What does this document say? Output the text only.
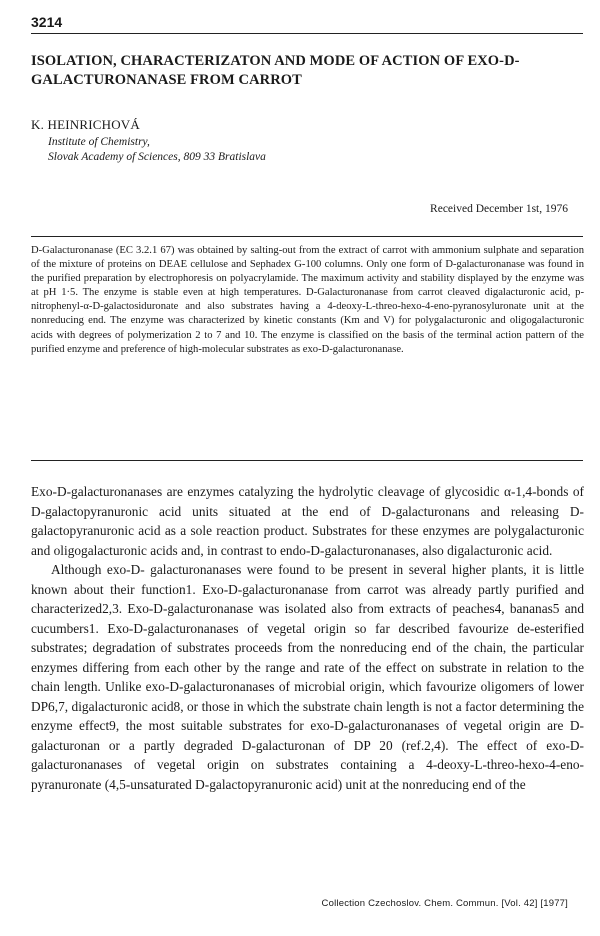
3214
ISOLATION, CHARACTERIZATON AND MODE OF ACTION OF EXO-D-GALACTURONANASE FROM CARROT
K. HEINRICHOVÁ
Institute of Chemistry,
Slovak Academy of Sciences, 809 33 Bratislava
Received December 1st, 1976

D-Galacturonanase (EC 3.2.1 67) was obtained by salting-out from the extract of carrot with ammonium sulphate and separation of the mixture of proteins on DEAE cellulose and Sephadex G-100 columns. Only one form of D-galacturonanase was found in the purified preparation by electrophoresis on polyacrylamide. The maximum activity and stability displayed by the enzyme was at pH 1·5. The enzyme is stable even at high temperatures. D-Galacturonanase from carrot cleaved digalacturonic acid, p-nitrophenyl-α-D-galactosiduronate and also substrates having a 4-deoxy-L-threo-hexo-4-eno-pyranosyluronate unit at the nonreducing end. The enzyme was characterized by kinetic constants (Km and V) for polygalacturonic and oligogalacturonic acids with degrees of polymerization 2 to 7 and 10. The enzyme is classified on the basis of the terminal action pattern of the purified enzyme and preference of high-molecular substrates as exo-D-galacturonanase.

Exo-D-galacturonanases are enzymes catalyzing the hydrolytic cleavage of glycosidic α-1,4-bonds of D-galactopyranuronic acid units situated at the end of D-galacturonans and releasing D-galactopyranuronic acid as a sole reaction product. Substrates for these enzymes are polygalacturonic and oligogalacturonic acids and, in contrast to endo-D-galacturonanases, also digalacturonic acid.

Although exo-D- galacturonanases were found to be present in several higher plants, it is little known about their function1. Exo-D-galacturonanase from carrot was already partly purified and characterized2,3. Exo-D-galacturonanase was isolated also from extracts of peaches4, bananas5 and cucumbers1. Exo-D-galacturonanases of vegetal origin so far described favourize de-esterified substrates; degradation of substrates proceeds from the nonreducing end of the chain, the particular enzymes differing from each other by the range and rate of the effect on substrate in relation to the chain length. Unlike exo-D-galacturonanases of microbial origin, which favourize oligomers of lower DP6,7, digalacturonic acid8, or those in which the substrate chain length is not a factor determining the enzyme effect9, the most suitable substrates for exo-D-galacturonanases of vegetal origin are D-galacturonan or a partly degraded D-galacturonan of DP 20 (ref.2,4). The effect of exo-D-galacturonanases of vegetal origin on substrates containing a 4-deoxy-L-threo-hexo-4-eno-pyranuronate (4,5-unsaturated D-galactopyranuronic acid) unit at the nonreducing end of the

Collection Czechoslov. Chem. Commun. [Vol. 42] [1977]
